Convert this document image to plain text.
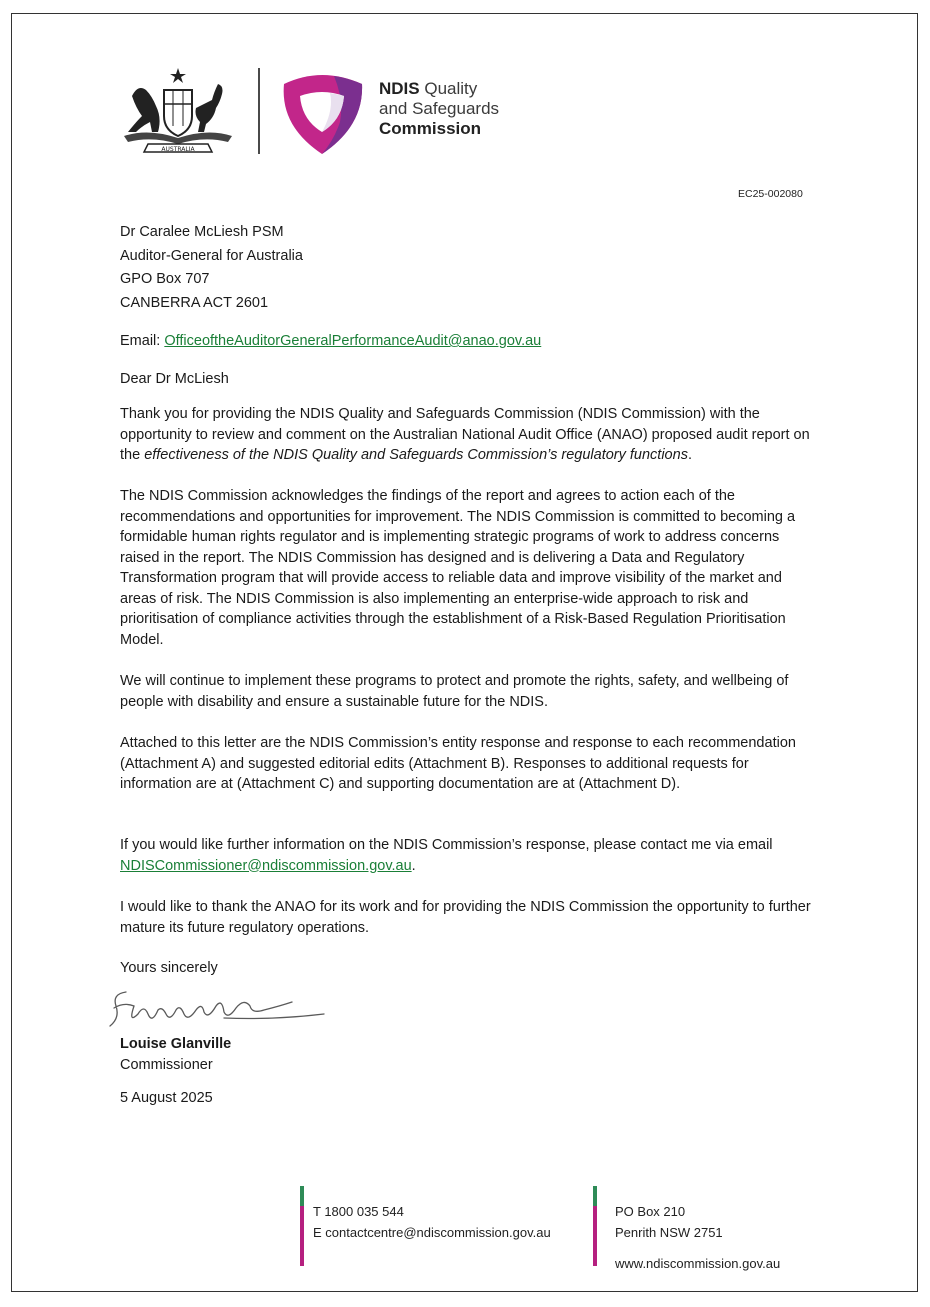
AUSTRALIA
NDIS Quality
and Safeguards
Commission
EC25-002080
Dr Caralee McLiesh PSM
Auditor-General for Australia
GPO Box 707
CANBERRA ACT 2601
Email: OfficeoftheAuditorGeneralPerformanceAudit@anao.gov.au
Dear Dr McLiesh

Thank you for providing the NDIS Quality and Safeguards Commission (NDIS Commission) with the opportunity to review and comment on the Australian National Audit Office (ANAO) proposed audit report on the effectiveness of the NDIS Quality and Safeguards Commission’s regulatory functions.

The NDIS Commission acknowledges the findings of the report and agrees to action each of the recommendations and opportunities for improvement. The NDIS Commission is committed to becoming a formidable human rights regulator and is implementing strategic programs of work to address concerns raised in the report. The NDIS Commission has designed and is delivering a Data and Regulatory Transformation program that will provide access to reliable data and improve visibility of the market and areas of risk. The NDIS Commission is also implementing an enterprise-wide approach to risk and prioritisation of compliance activities through the establishment of a Risk-Based Regulation Prioritisation Model.

We will continue to implement these programs to protect and promote the rights, safety, and wellbeing of people with disability and ensure a sustainable future for the NDIS.

Attached to this letter are the NDIS Commission’s entity response and response to each recommendation (Attachment A) and suggested editorial edits (Attachment B). Responses to additional requests for information are at (Attachment C) and supporting documentation are at (Attachment D).

If you would like further information on the NDIS Commission’s response, please contact me via email NDISCommissioner@ndiscommission.gov.au.

I would like to thank the ANAO for its work and for providing the NDIS Commission the opportunity to further mature its future regulatory operations.

Yours sincerely
Louise Glanville
Commissioner
5 August 2025
T 1800 035 544
E contactcentre@ndiscommission.gov.au
PO Box 210
Penrith NSW 2751
www.ndiscommission.gov.au
